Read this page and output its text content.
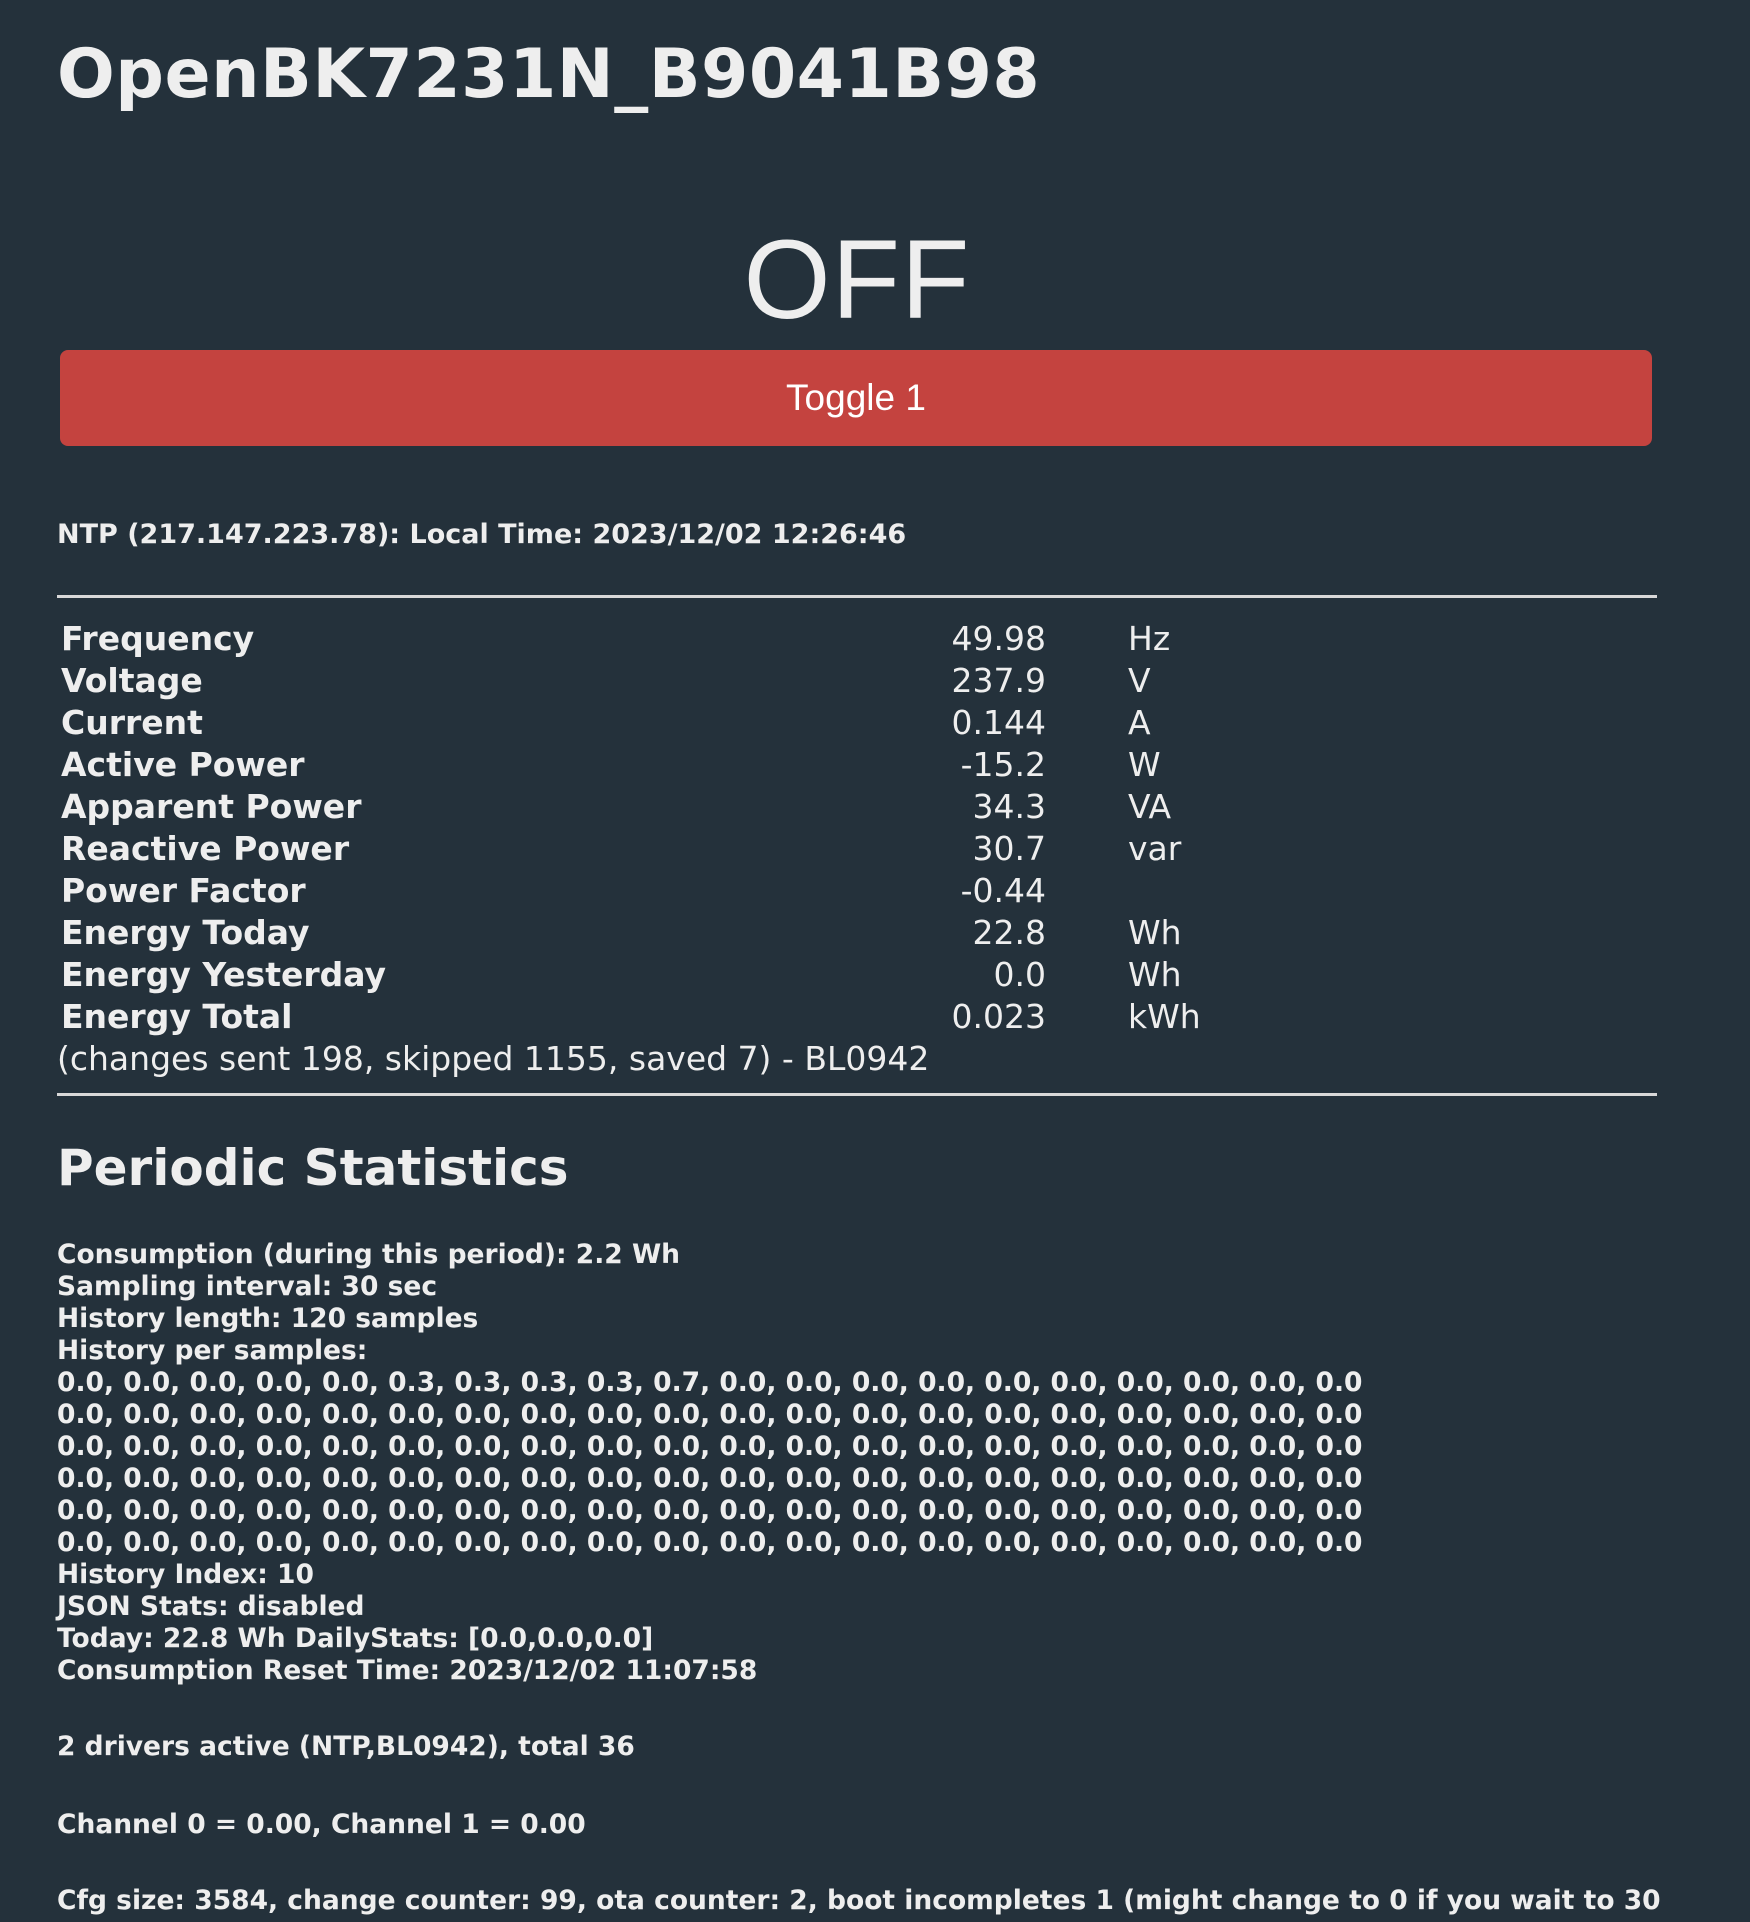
OpenBK7231N_B9041B98
OFF
Toggle 1
NTP (217.147.223.78): Local Time: 2023/12/02 12:26:46
Frequency	49.98 Hz
Voltage	237.9 V
Current	0.144 A
Active Power	-15.2 W
Apparent Power	34.3 VA
Reactive Power	30.7 var
Power Factor	-0.44
Energy Today	22.8 Wh
Energy Yesterday	0.0 Wh
Energy Total	0.023 kWh
(changes sent 198, skipped 1155, saved 7) - BL0942
Periodic Statistics
Consumption (during this period): 2.2 Wh
Sampling interval: 30 sec
History length: 120 samples
History per samples:
0.0, 0.0, 0.0, 0.0, 0.0, 0.3, 0.3, 0.3, 0.3, 0.7, 0.0, 0.0, 0.0, 0.0, 0.0, 0.0, 0.0, 0.0, 0.0, 0.0
0.0, 0.0, 0.0, 0.0, 0.0, 0.0, 0.0, 0.0, 0.0, 0.0, 0.0, 0.0, 0.0, 0.0, 0.0, 0.0, 0.0, 0.0, 0.0, 0.0
0.0, 0.0, 0.0, 0.0, 0.0, 0.0, 0.0, 0.0, 0.0, 0.0, 0.0, 0.0, 0.0, 0.0, 0.0, 0.0, 0.0, 0.0, 0.0, 0.0
0.0, 0.0, 0.0, 0.0, 0.0, 0.0, 0.0, 0.0, 0.0, 0.0, 0.0, 0.0, 0.0, 0.0, 0.0, 0.0, 0.0, 0.0, 0.0, 0.0
0.0, 0.0, 0.0, 0.0, 0.0, 0.0, 0.0, 0.0, 0.0, 0.0, 0.0, 0.0, 0.0, 0.0, 0.0, 0.0, 0.0, 0.0, 0.0, 0.0
0.0, 0.0, 0.0, 0.0, 0.0, 0.0, 0.0, 0.0, 0.0, 0.0, 0.0, 0.0, 0.0, 0.0, 0.0, 0.0, 0.0, 0.0, 0.0, 0.0
History Index: 10
JSON Stats: disabled
Today: 22.8 Wh DailyStats: [0.0,0.0,0.0]
Consumption Reset Time: 2023/12/02 11:07:58
2 drivers active (NTP,BL0942), total 36
Channel 0 = 0.00, Channel 1 = 0.00
Cfg size: 3584, change counter: 99, ota counter: 2, boot incompletes 1 (might change to 0 if you wait to 30
